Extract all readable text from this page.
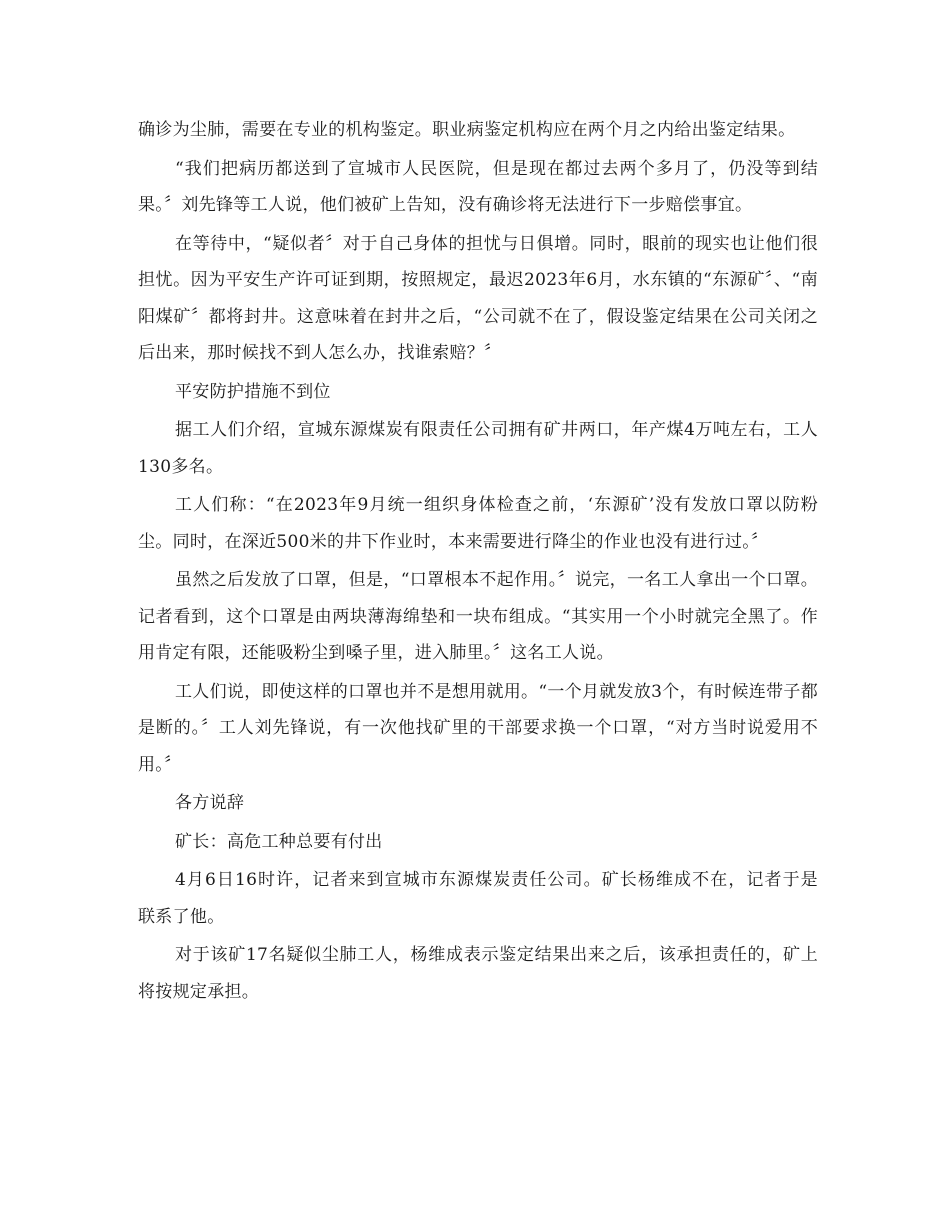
确诊为尘肺，需要在专业的机构鉴定。职业病鉴定机构应在两个月之内给出鉴定结果。

“我们把病历都送到了宣城市人民医院，但是现在都过去两个多月了，仍没等到结果。〞刘先锋等工人说，他们被矿上告知，没有确诊将无法进行下一步赔偿事宜。

在等待中，“疑似者〞对于自己身体的担忧与日俱增。同时，眼前的现实也让他们很担忧。因为平安生产许可证到期，按照规定，最迟2023年6月，水东镇的“东源矿〞、“南阳煤矿〞都将封井。这意味着在封井之后，“公司就不在了，假设鉴定结果在公司关闭之后出来，那时候找不到人怎么办，找谁索赔？〞

平安防护措施不到位

据工人们介绍，宣城东源煤炭有限责任公司拥有矿井两口，年产煤4万吨左右，工人130多名。

工人们称：“在2023年9月统一组织身体检查之前，‘东源矿’没有发放口罩以防粉尘。同时，在深近500米的井下作业时，本来需要进行降尘的作业也没有进行过。〞

虽然之后发放了口罩，但是，“口罩根本不起作用。〞说完，一名工人拿出一个口罩。记者看到，这个口罩是由两块薄海绵垫和一块布组成。“其实用一个小时就完全黑了。作用肯定有限，还能吸粉尘到嗓子里，进入肺里。〞这名工人说。

工人们说，即使这样的口罩也并不是想用就用。“一个月就发放3个，有时候连带子都是断的。〞工人刘先锋说，有一次他找矿里的干部要求换一个口罩，“对方当时说爱用不用。〞

各方说辞

矿长：高危工种总要有付出

4月6日16时许，记者来到宣城市东源煤炭责任公司。矿长杨维成不在，记者于是  联系了他。

对于该矿17名疑似尘肺工人，杨维成表示鉴定结果出来之后，该承担责任的，矿上将按规定承担。
